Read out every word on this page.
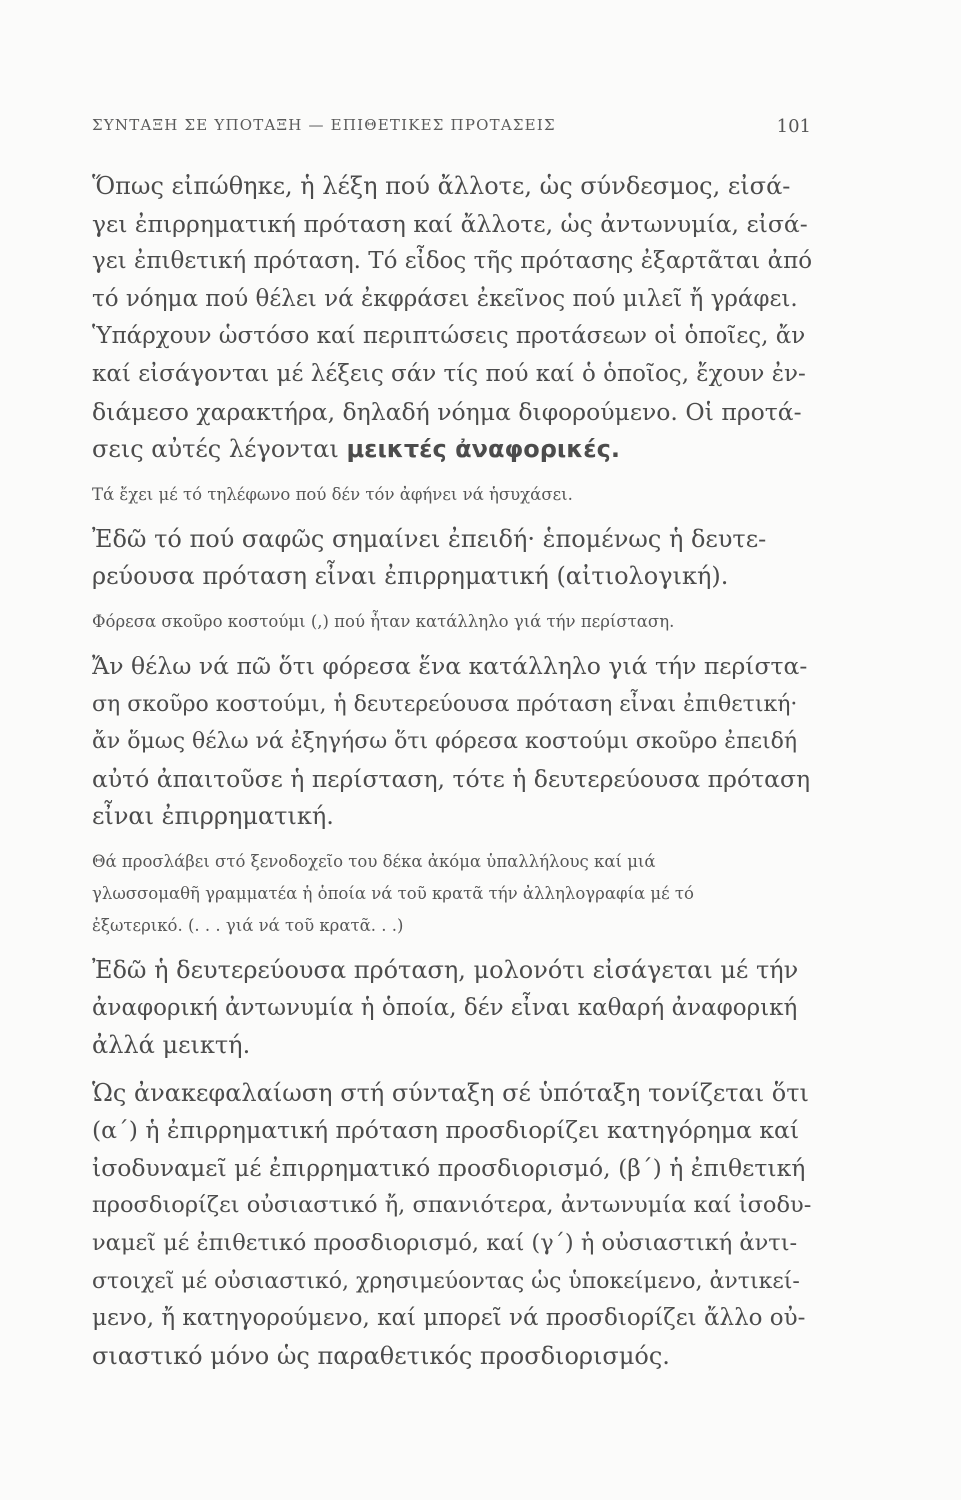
ΣΥΝΤΑΞΗ ΣΕ ΥΠΟΤΑΞΗ — ΕΠΙΘΕΤΙΚΕΣ ΠΡΟΤΑΣΕΙΣ	101

Ὅπως εἰπώθηκε, ἡ λέξη πού ἄλλοτε, ὡς σύνδεσμος, εἰσά-
γει ἐπιρρηματική πρόταση καί ἄλλοτε, ὡς ἀντωνυμία, εἰσά-
γει ἐπιθετική πρόταση. Τό εἶδος τῆς πρότασης ἐξαρτᾶται ἀπό
τό νόημα πού θέλει νά ἐκφράσει ἐκεῖνος πού μιλεῖ ἤ γράφει.
Ὑπάρχουν ὡστόσο καί περιπτώσεις προτάσεων οἱ ὁποῖες, ἄν
καί εἰσάγονται μέ λέξεις σάν τίς πού καί ὁ ὁποῖος, ἔχουν ἐν-
διάμεσο χαρακτήρα, δηλαδή νόημα διφορούμενο. Οἱ προτά-
σεις αὐτές λέγονται μεικτές ἀναφορικές.

Τά ἔχει μέ τό τηλέφωνο πού δέν τόν ἀφήνει νά ἡσυχάσει.

Ἐδῶ τό πού σαφῶς σημαίνει ἐπειδή· ἑπομένως ἡ δευτε-
ρεύουσα πρόταση εἶναι ἐπιρρηματική (αἰτιολογική).

Φόρεσα σκοῦρο κοστούμι (,) πού ἦταν κατάλληλο γιά τήν περίσταση.

Ἄν θέλω νά πῶ ὅτι φόρεσα ἕνα κατάλληλο γιά τήν περίστα-
ση σκοῦρο κοστούμι, ἡ δευτερεύουσα πρόταση εἶναι ἐπιθετική·
ἄν ὅμως θέλω νά ἐξηγήσω ὅτι φόρεσα κοστούμι σκοῦρο ἐπειδή
αὐτό ἀπαιτοῦσε ἡ περίσταση, τότε ἡ δευτερεύουσα πρόταση
εἶναι ἐπιρρηματική.

Θά προσλάβει στό ξενοδοχεῖο του δέκα ἀκόμα ὑπαλλήλους καί μιά
γλωσσομαθῆ γραμματέα ἡ ὁποία νά τοῦ κρατᾶ τήν ἀλληλογραφία μέ τό
ἐξωτερικό. (. . . γιά νά τοῦ κρατᾶ. . .)

Ἐδῶ ἡ δευτερεύουσα πρόταση, μολονότι εἰσάγεται μέ τήν
ἀναφορική ἀντωνυμία ἡ ὁποία, δέν εἶναι καθαρή ἀναφορική
ἀλλά μεικτή.

Ὡς ἀνακεφαλαίωση στή σύνταξη σέ ὑπόταξη τονίζεται ὅτι
(α΄) ἡ ἐπιρρηματική πρόταση προσδιορίζει κατηγόρημα καί
ἰσοδυναμεῖ μέ ἐπιρρηματικό προσδιορισμό, (β΄) ἡ ἐπιθετική
προσδιορίζει οὐσιαστικό ἤ, σπανιότερα, ἀντωνυμία καί ἰσοδυ-
ναμεῖ μέ ἐπιθετικό προσδιορισμό, καί (γ΄) ἡ οὐσιαστική ἀντι-
στοιχεῖ μέ οὐσιαστικό, χρησιμεύοντας ὡς ὑποκείμενο, ἀντικεί-
μενο, ἤ κατηγορούμενο, καί μπορεῖ νά προσδιορίζει ἄλλο οὐ-
σιαστικό μόνο ὡς παραθετικός προσδιορισμός.
